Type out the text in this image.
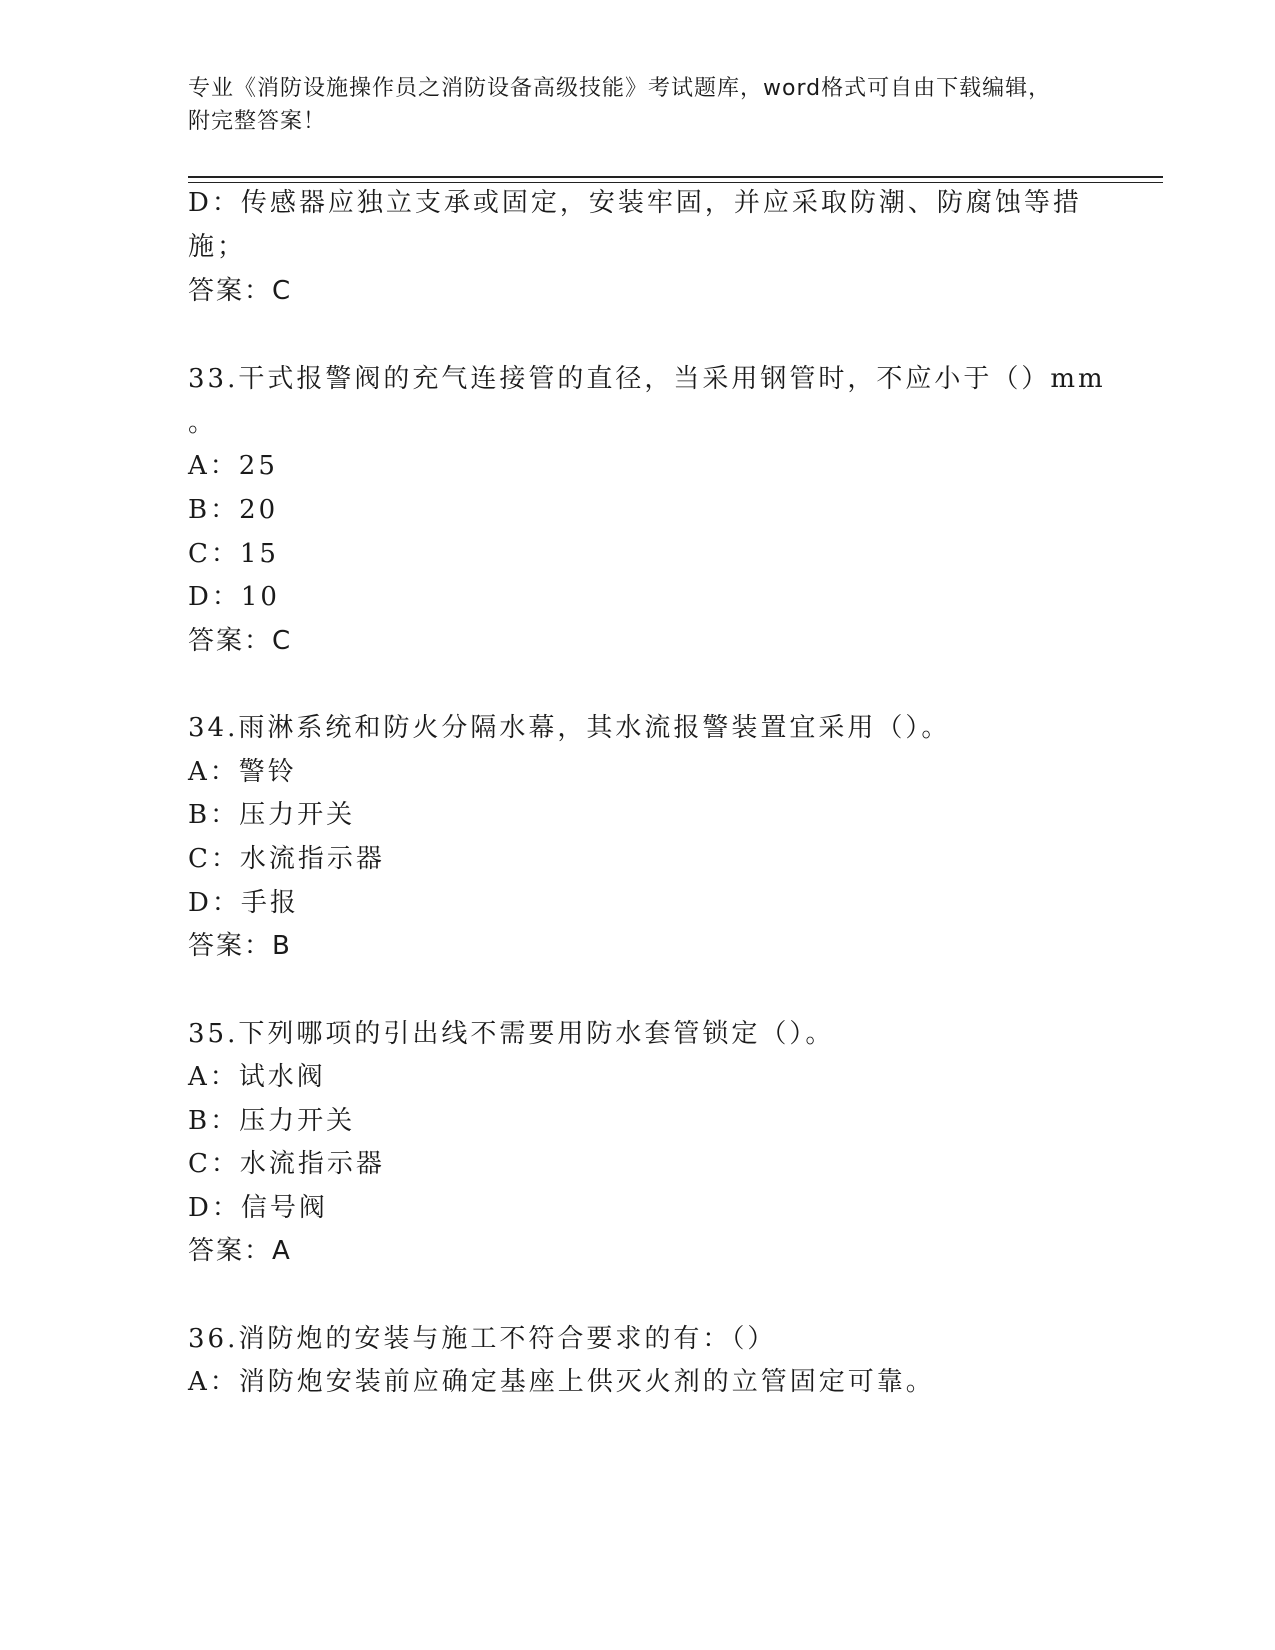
专业《消防设施操作员之消防设备高级技能》考试题库，word格式可自由下载编辑，附完整答案！
D：传感器应独立支承或固定，安装牢固，并应采取防潮、防腐蚀等措
施；
答案：C
33.干式报警阀的充气连接管的直径，当采用钢管时，不应小于（）mm
。
A：25
B：20
C：15
D：10
答案：C
34.雨淋系统和防火分隔水幕，其水流报警装置宜采用（）。
A：警铃
B：压力开关
C：水流指示器
D：手报
答案：B
35.下列哪项的引出线不需要用防水套管锁定（）。
A：试水阀
B：压力开关
C：水流指示器
D：信号阀
答案：A
36.消防炮的安装与施工不符合要求的有：（）
A：消防炮安装前应确定基座上供灭火剂的立管固定可靠。
